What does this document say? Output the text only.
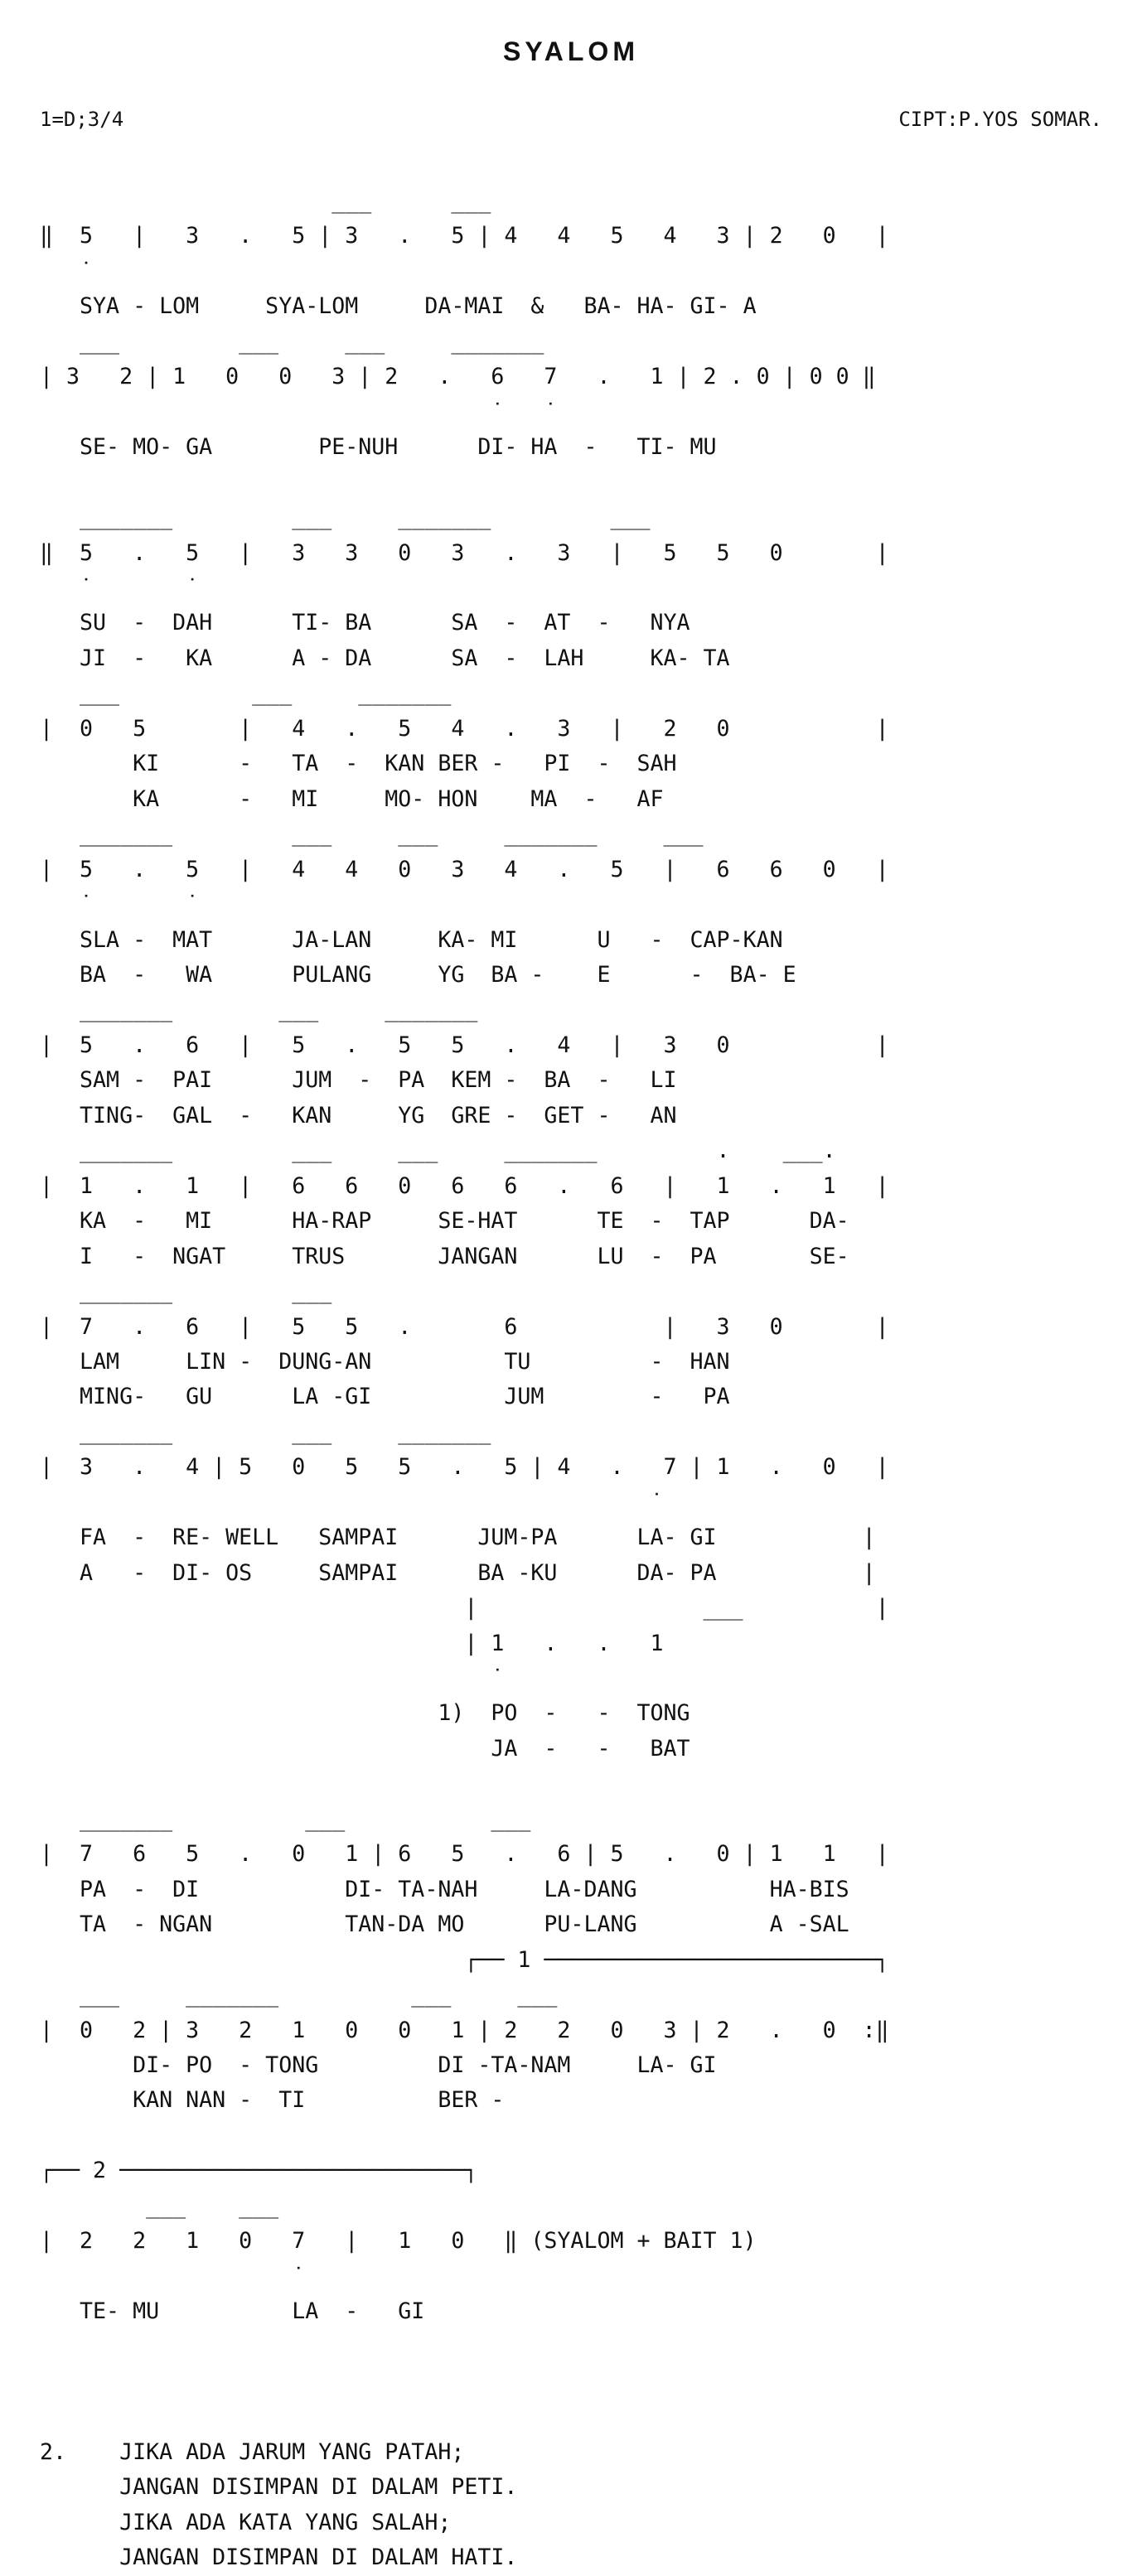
SYALOM
1=D;3/4	CIPT:P.YOS SOMAR.
___      ___
‖  5   |   3   .   5 | 3   .   5 | 4   4   5   4   3 | 2   0   |
˙
SYA - LOM     SYA-LOM     DA-MAI  &   BA- HA- GI- A
___         ___     ___     _______
| 3   2 | 1   0   0   3 | 2   .   6   7   .   1 | 2 . 0 | 0 0 ‖
˙   ˙
SE- MO- GA        PE-NUH      DI- HA  -   TI- MU

_______         ___     _______         ___
‖  5   .   5   |   3   3   0   3   .   3   |   5   5   0       |
˙       ˙
SU  -  DAH      TI- BA      SA  -  AT  -   NYA
JI  -   KA      A - DA      SA  -  LAH     KA- TA
___          ___     _______
|  0   5       |   4   .   5   4   .   3   |   2   0           |
KI      -   TA  -  KAN BER -   PI  -  SAH
KA      -   MI     MO- HON    MA  -   AF
_______         ___     ___     _______     ___
|  5   .   5   |   4   4   0   3   4   .   5   |   6   6   0   |
˙       ˙
SLA -  MAT      JA-LAN     KA- MI      U   -  CAP-KAN
BA  -   WA      PULANG     YG  BA -    E      -  BA- E
_______        ___     _______
|  5   .   6   |   5   .   5   5   .   4   |   3   0           |
SAM -  PAI      JUM  -  PA  KEM -  BA  -   LI
TING-  GAL  -   KAN     YG  GRE -  GET -   AN
_______         ___     ___     _______         .    ___.
|  1   .   1   |   6   6   0   6   6   .   6   |   1   .   1   |
KA  -   MI      HA-RAP     SE-HAT      TE  -  TAP      DA-
I   -  NGAT     TRUS       JANGAN      LU  -  PA       SE-
_______         ___
|  7   .   6   |   5   5   .       6           |   3   0       |
LAM     LIN -  DUNG-AN          TU         -  HAN
MING-   GU      LA -GI          JUM        -   PA
_______         ___     _______
|  3   .   4 | 5   0   5   5   .   5 | 4   .   7 | 1   .   0   |
˙
FA  -  RE- WELL   SAMPAI      JUM-PA      LA- GI           |
A   -  DI- OS     SAMPAI      BA -KU      DA- PA           |
|                 ___          |
| 1   .   .   1
˙
1)  PO  -   -  TONG
JA  -   -   BAT

_______          ___           ___
|  7   6   5   .   0   1 | 6   5   .   6 | 5   .   0 | 1   1   |
PA  -  DI           DI- TA-NAH     LA-DANG          HA-BIS
TA  - NGAN          TAN-DA MO      PU-LANG          A -SAL
┌── 1 ─────────────────────────┐
___     _______          ___     ___
|  0   2 | 3   2   1   0   0   1 | 2   2   0   3 | 2   .   0  :‖
DI- PO  - TONG         DI -TA-NAM     LA- GI
KAN NAN -  TI          BER -

┌── 2 ──────────────────────────┐
___    ___
|  2   2   1   0   7   |   1   0   ‖ (SYALOM + BAIT 1)
˙
TE- MU          LA  -   GI

2.    JIKA ADA JARUM YANG PATAH;
JANGAN DISIMPAN DI DALAM PETI.
JIKA ADA KATA YANG SALAH;
JANGAN DISIMPAN DI DALAM HATI.
